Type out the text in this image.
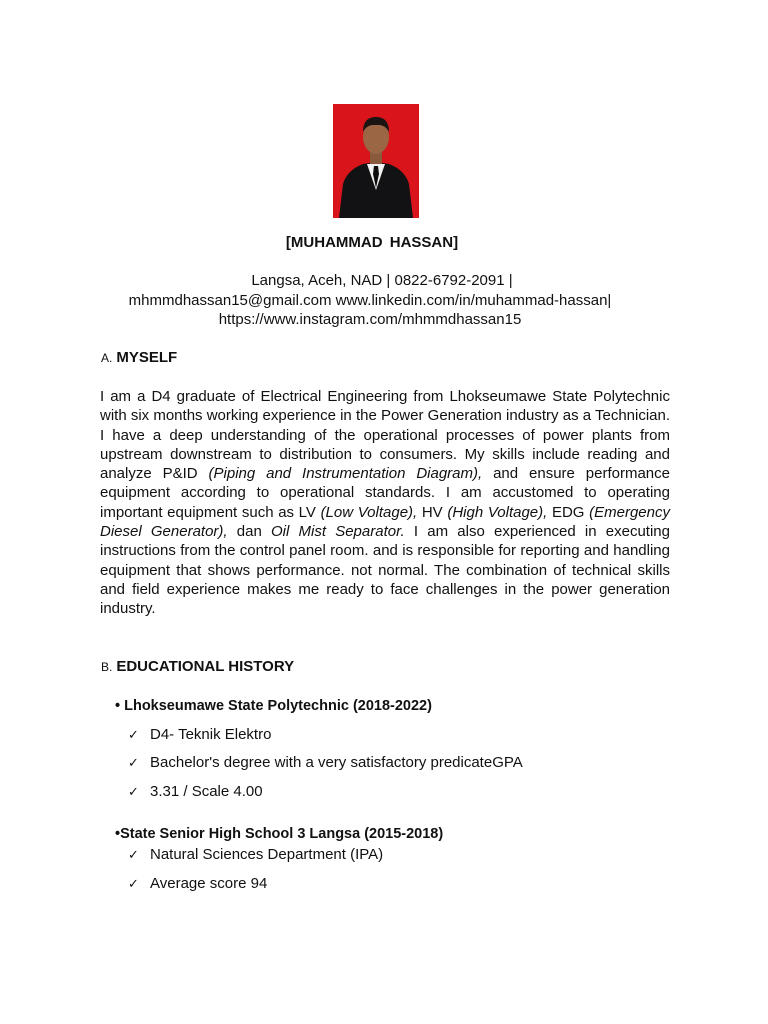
[MUHAMMAD HASSAN]
Langsa, Aceh, NAD | 0822-6792-2091 |
mhmmdhassan15@gmail.com www.linkedin.com/in/muhammad-hassan|
https://www.instagram.com/mhmmdhassan15
A. MYSELF
I am a D4 graduate of Electrical Engineering from Lhokseumawe State Polytechnic with six months working experience in the Power Generation industry as a Technician. I have a deep understanding of the operational processes of power plants from upstream downstream to distribution to consumers. My skills include reading and analyze P&ID (Piping and Instrumentation Diagram), and ensure performance equipment according to operational standards. I am accustomed to operating important equipment such as LV (Low Voltage), HV (High Voltage), EDG (Emergency Diesel Generator), dan Oil Mist Separator. I am also experienced in executing instructions from the control panel room. and is responsible for reporting and handling equipment that shows performance. not normal. The combination of technical skills and field experience makes me ready to face challenges in the power generation industry.
B. EDUCATIONAL HISTORY
• Lhokseumawe State Polytechnic (2018-2022)
✓ D4- Teknik Elektro
✓ Bachelor's degree with a very satisfactory predicateGPA
✓ 3.31 / Scale 4.00
•State Senior High School 3 Langsa (2015-2018)
✓ Natural Sciences Department (IPA)
✓ Average score 94
